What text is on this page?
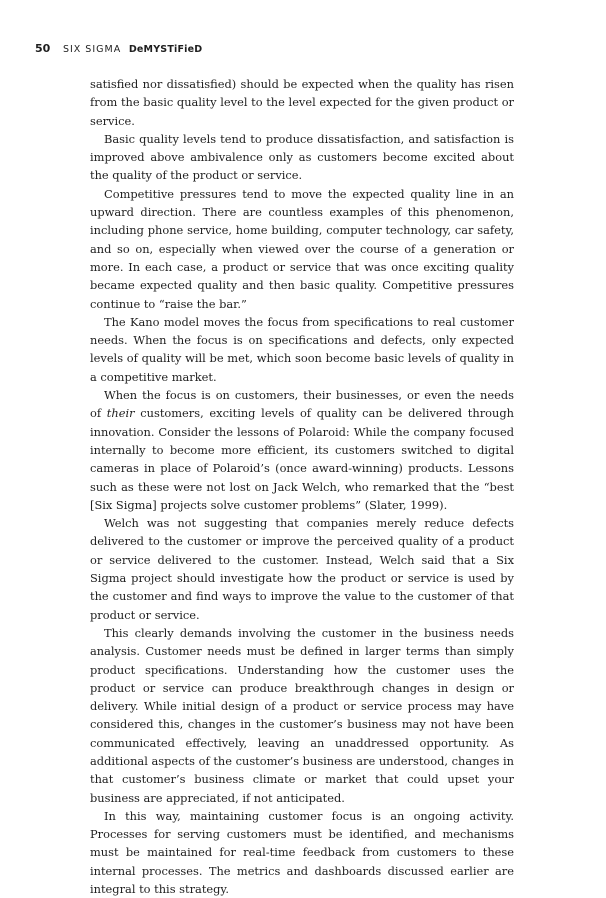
50 SIX SIGMA DeMYSTiFieD

satisfied nor dissatisfied) should be expected when the quality has risen from the basic quality level to the level expected for the given product or service.

Basic quality levels tend to produce dissatisfaction, and satisfaction is improved above ambivalence only as customers become excited about the quality of the product or service.

Competitive pressures tend to move the expected quality line in an upward direction. There are countless examples of this phenomenon, including phone service, home building, computer technology, car safety, and so on, especially when viewed over the course of a generation or more. In each case, a product or service that was once exciting quality became expected quality and then basic quality. Competitive pressures continue to “raise the bar.”

The Kano model moves the focus from specifications to real customer needs. When the focus is on specifications and defects, only expected levels of quality will be met, which soon become basic levels of quality in a competitive market.

When the focus is on customers, their businesses, or even the needs of their customers, exciting levels of quality can be delivered through innovation. Consider the lessons of Polaroid: While the company focused internally to become more efficient, its customers switched to digital cameras in place of Polaroid’s (once award-winning) products. Lessons such as these were not lost on Jack Welch, who remarked that the “best [Six Sigma] projects solve customer problems” (Slater, 1999).

Welch was not suggesting that companies merely reduce defects delivered to the customer or improve the perceived quality of a product or service delivered to the customer. Instead, Welch said that a Six Sigma project should investigate how the product or service is used by the customer and find ways to improve the value to the customer of that product or service.

This clearly demands involving the customer in the business needs analysis. Customer needs must be defined in larger terms than simply product specifications. Understanding how the customer uses the product or service can produce breakthrough changes in design or delivery. While initial design of a product or service process may have considered this, changes in the customer’s business may not have been communicated effectively, leaving an unaddressed opportunity. As additional aspects of the customer’s business are understood, changes in that customer’s business climate or market that could upset your business are appreciated, if not anticipated.

In this way, maintaining customer focus is an ongoing activity. Processes for serving customers must be identified, and mechanisms must be maintained for real-time feedback from customers to these internal processes. The metrics and dashboards discussed earlier are integral to this strategy.
